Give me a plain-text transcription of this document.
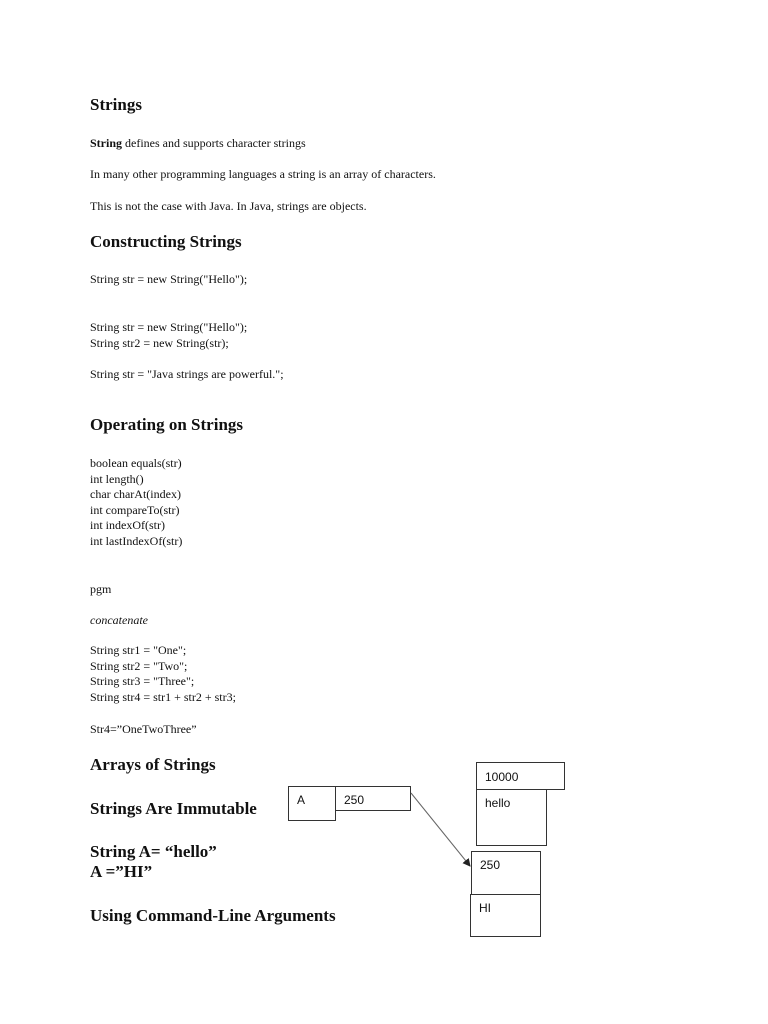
Strings

String defines and supports character strings

In many other programming languages a string is an array of characters.

This is not the case with Java. In Java, strings are objects.

Constructing Strings

String str = new String("Hello");

String str = new String("Hello");
String str2 = new String(str);

String str = "Java strings are powerful.";

Operating on Strings

boolean equals(str)
int length()
char charAt(index)
int compareTo(str)
int indexOf(str)
int lastIndexOf(str)

pgm

concatenate

String str1 = "One";
String str2 = "Two";
String str3 = "Three";
String str4 = str1 + str2 + str3;

Str4=”OneTwoThree”

Arrays of Strings
Strings Are Immutable
String A= “hello”
A =”HI”
Using Command-Line Arguments
A	250	hello
10000
HI
250
